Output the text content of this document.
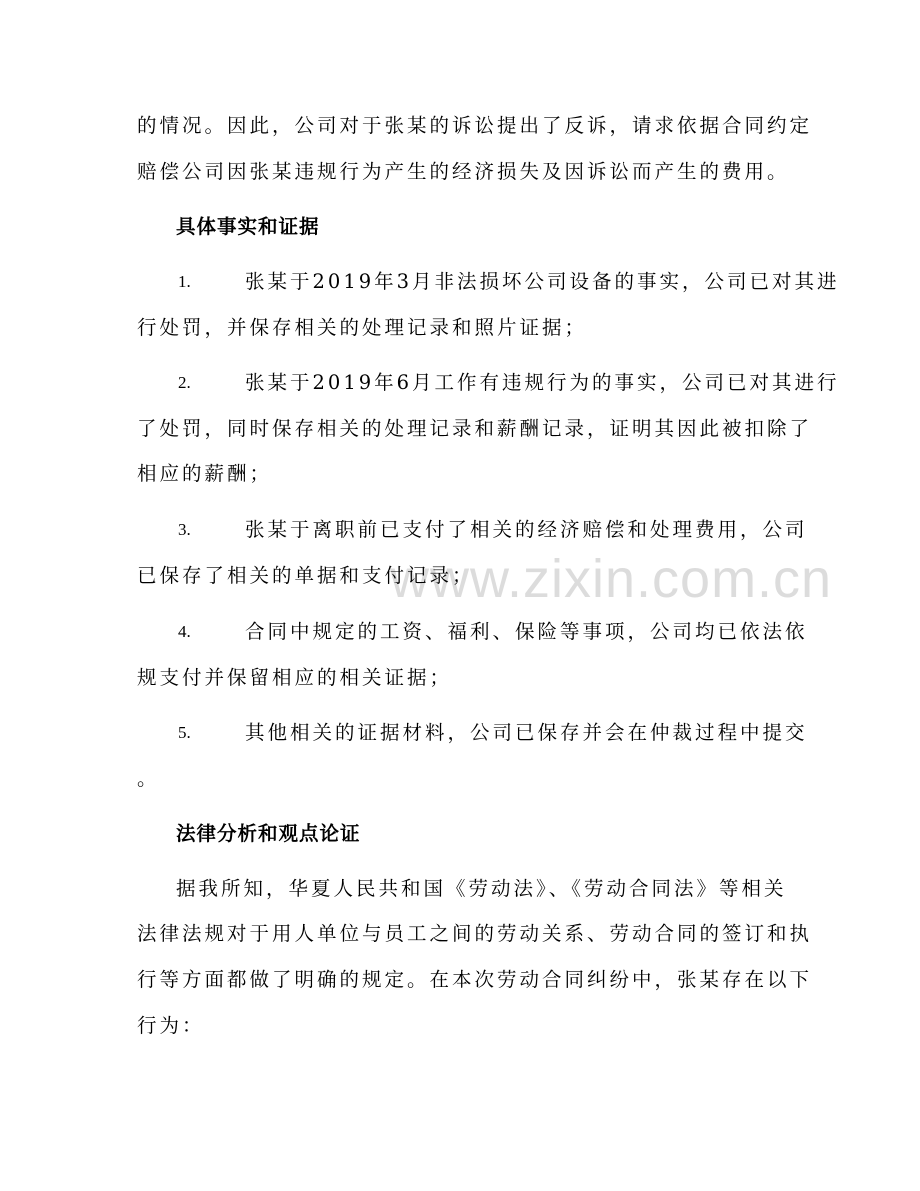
www.zixin.com.cn
的情况。因此，公司对于张某的诉讼提出了反诉，请求依据合同约定
赔偿公司因张某违规行为产生的经济损失及因诉讼而产生的费用。
具体事实和证据
1.	张某于2019年3月非法损坏公司设备的事实，公司已对其进
行处罚，并保存相关的处理记录和照片证据；
2.	张某于2019年6月工作有违规行为的事实，公司已对其进行
了处罚，同时保存相关的处理记录和薪酬记录，证明其因此被扣除了
相应的薪酬；
3.	张某于离职前已支付了相关的经济赔偿和处理费用，公司
已保存了相关的单据和支付记录；
4.	合同中规定的工资、福利、保险等事项，公司均已依法依
规支付并保留相应的相关证据；
5.	其他相关的证据材料，公司已保存并会在仲裁过程中提交
。
法律分析和观点论证
据我所知，华夏人民共和国《劳动法》、《劳动合同法》等相关
法律法规对于用人单位与员工之间的劳动关系、劳动合同的签订和执
行等方面都做了明确的规定。在本次劳动合同纠纷中，张某存在以下
行为：
